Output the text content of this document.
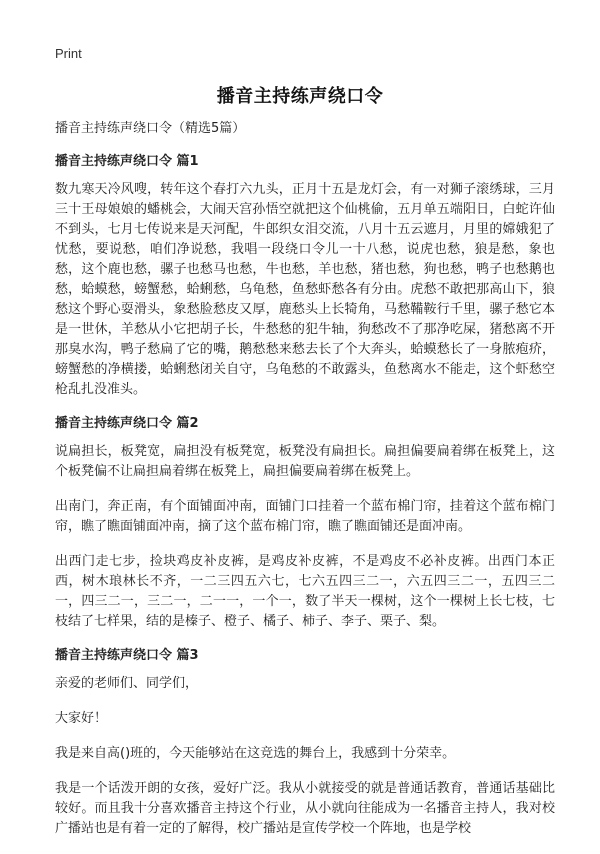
Print
播音主持练声绕口令

播音主持练声绕口令（精选5篇）

播音主持练声绕口令 篇1

数九寒天冷风嗖，转年这个春打六九头，正月十五是龙灯会，有一对狮子滚绣球，三月三十王母娘娘的蟠桃会，大闹天宫孙悟空就把这个仙桃偷，五月单五端阳日，白蛇许仙不到头，七月七传说来是天河配，牛郎织女泪交流，八月十五云遮月，月里的嫦娥犯了忧愁，要说愁，咱们净说愁，我唱一段绕口令儿一十八愁，说虎也愁，狼是愁，象也愁，这个鹿也愁，骡子也愁马也愁，牛也愁，羊也愁，猪也愁，狗也愁，鸭子也愁鹅也愁，蛤蟆愁，螃蟹愁，蛤蜊愁，乌龟愁，鱼愁虾愁各有分由。虎愁不敢把那高山下，狼愁这个野心耍滑头，象愁脸愁皮又厚，鹿愁头上长犄角，马愁鞴鞍行千里，骡子愁它本是一世休，羊愁从小它把胡子长，牛愁愁的犯牛轴，狗愁改不了那净吃屎，猪愁离不开那臭水沟，鸭子愁扁了它的嘴，鹅愁愁来愁去长了个大奔头，蛤蟆愁长了一身脓疱疥，螃蟹愁的净横搂，蛤蜊愁闭关自守，乌龟愁的不敢露头，鱼愁离水不能走，这个虾愁空枪乱扎没准头。

播音主持练声绕口令 篇2

说扁担长，板凳宽，扁担没有板凳宽，板凳没有扁担长。扁担偏要扁着绑在板凳上，这个板凳偏不让扁担扁着绑在板凳上，扁担偏要扁着绑在板凳上。

出南门，奔正南，有个面铺面冲南，面铺门口挂着一个蓝布棉门帘，挂着这个蓝布棉门帘，瞧了瞧面铺面冲南，摘了这个蓝布棉门帘，瞧了瞧面铺还是面冲南。

出西门走七步，捡块鸡皮补皮裤，是鸡皮补皮裤，不是鸡皮不必补皮裤。出西门本正西，树木琅林长不齐，一二三四五六七，七六五四三二一，六五四三二一，五四三二一，四三二一，三二一，二一一，一个一，数了半天一棵树，这个一棵树上长七枝，七枝结了七样果，结的是榛子、橙子、橘子、柿子、李子、栗子、梨。

播音主持练声绕口令 篇3

亲爱的老师们、同学们，

大家好！

我是来自高()班的，今天能够站在这竞选的舞台上，我感到十分荣幸。

我是一个话泼开朗的女孩，爱好广泛。我从小就接受的就是普通话教育，普通话基础比较好。而且我十分喜欢播音主持这个行业，从小就向往能成为一名播音主持人，我对校广播站也是有着一定的了解得，校广播站是宣传学校一个阵地，也是学校
